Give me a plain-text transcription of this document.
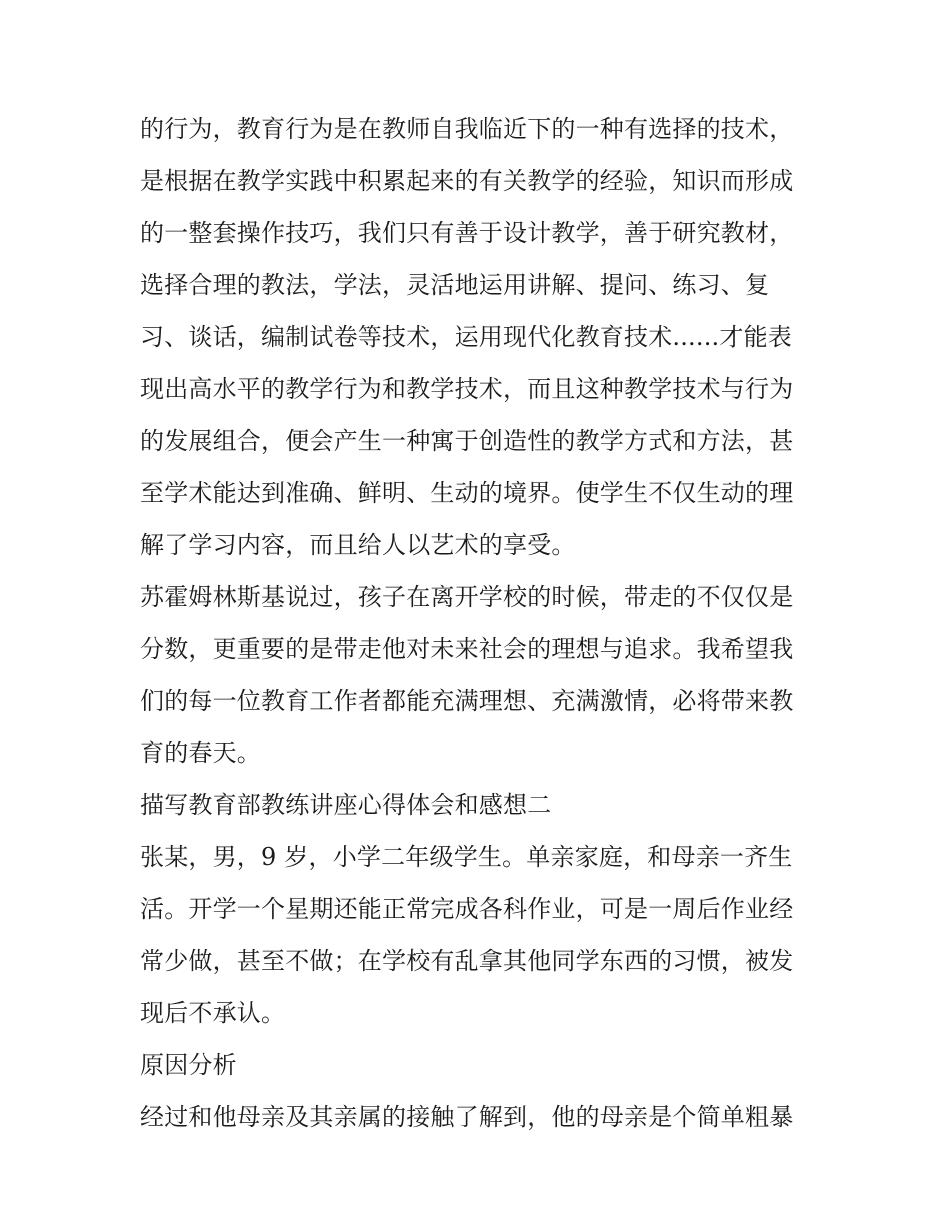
的行为，教育行为是在教师自我临近下的一种有选择的技术，
是根据在教学实践中积累起来的有关教学的经验，知识而形成
的一整套操作技巧，我们只有善于设计教学，善于研究教材，
选择合理的教法，学法，灵活地运用讲解、提问、练习、复
习、谈话，编制试卷等技术，运用现代化教育技术......才能表
现出高水平的教学行为和教学技术，而且这种教学技术与行为
的发展组合，便会产生一种寓于创造性的教学方式和方法，甚
至学术能达到准确、鲜明、生动的境界。使学生不仅生动的理
解了学习内容，而且给人以艺术的享受。
苏霍姆林斯基说过，孩子在离开学校的时候，带走的不仅仅是
分数，更重要的是带走他对未来社会的理想与追求。我希望我
们的每一位教育工作者都能充满理想、充满激情，必将带来教
育的春天。
描写教育部教练讲座心得体会和感想二
张某，男，9 岁，小学二年级学生。单亲家庭，和母亲一齐生
活。开学一个星期还能正常完成各科作业，可是一周后作业经
常少做，甚至不做；在学校有乱拿其他同学东西的习惯，被发
现后不承认。
原因分析
经过和他母亲及其亲属的接触了解到，他的母亲是个简单粗暴
